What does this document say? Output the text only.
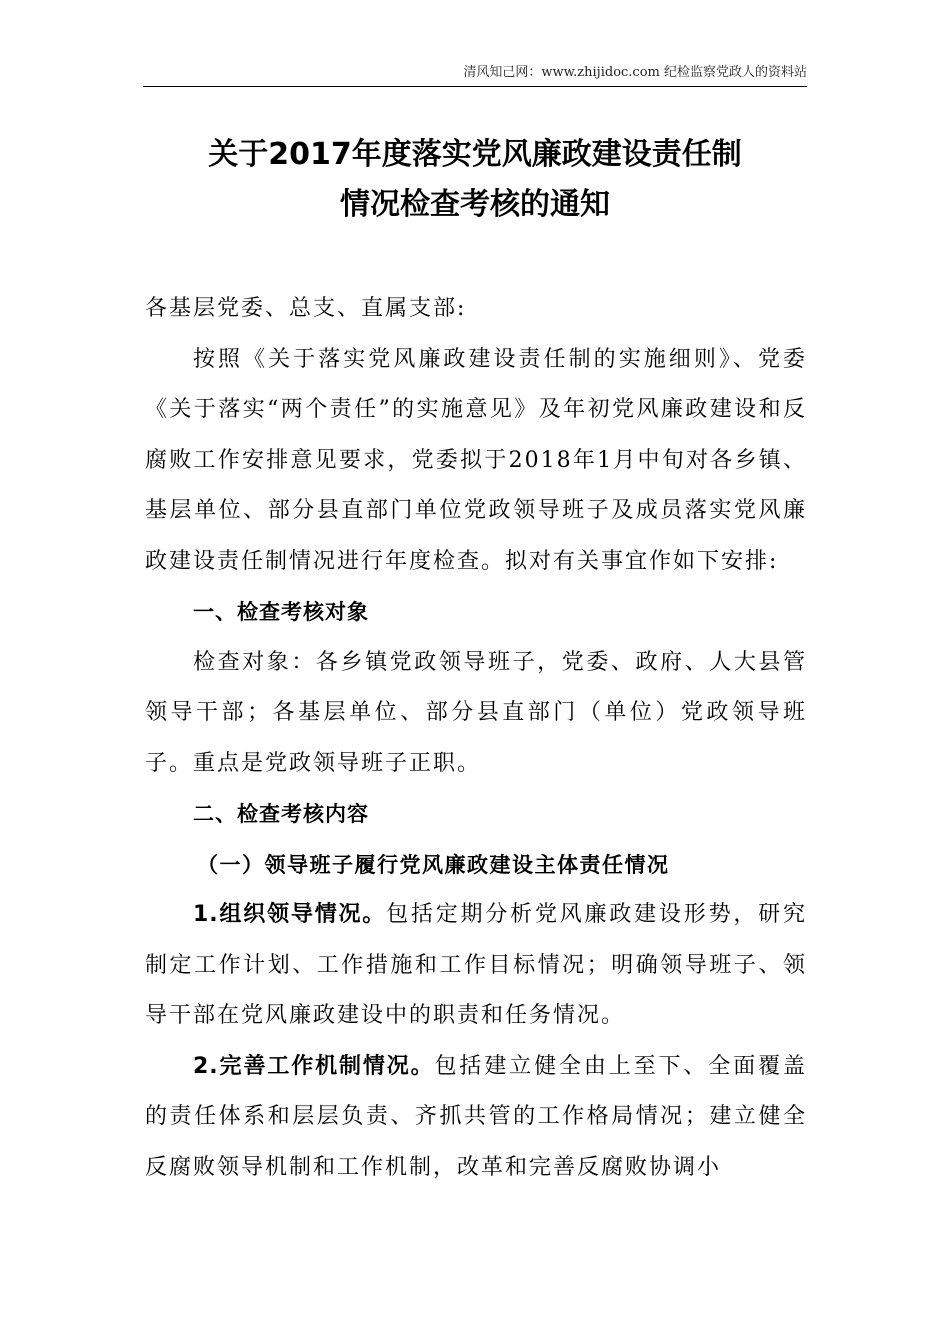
清风知己网：www.zhijidoc.com 纪检监察党政人的资料站
关于2017年度落实党风廉政建设责任制
情况检查考核的通知

各基层党委、总支、直属支部:

按照《关于落实党风廉政建设责任制的实施细则》、党委《关于落实“两个责任”的实施意见》及年初党风廉政建设和反腐败工作安排意见要求，党委拟于2018年1月中旬对各乡镇、基层单位、部分县直部门单位党政领导班子及成员落实党风廉政建设责任制情况进行年度检查。拟对有关事宜作如下安排:

一、检查考核对象

检查对象：各乡镇党政领导班子，党委、政府、人大县管领导干部；各基层单位、部分县直部门（单位）党政领导班子。重点是党政领导班子正职。

二、检查考核内容

（一）领导班子履行党风廉政建设主体责任情况

1.组织领导情况。包括定期分析党风廉政建设形势，研究制定工作计划、工作措施和工作目标情况；明确领导班子、领导干部在党风廉政建设中的职责和任务情况。

2.完善工作机制情况。包括建立健全由上至下、全面覆盖的责任体系和层层负责、齐抓共管的工作格局情况；建立健全反腐败领导机制和工作机制，改革和完善反腐败协调小
